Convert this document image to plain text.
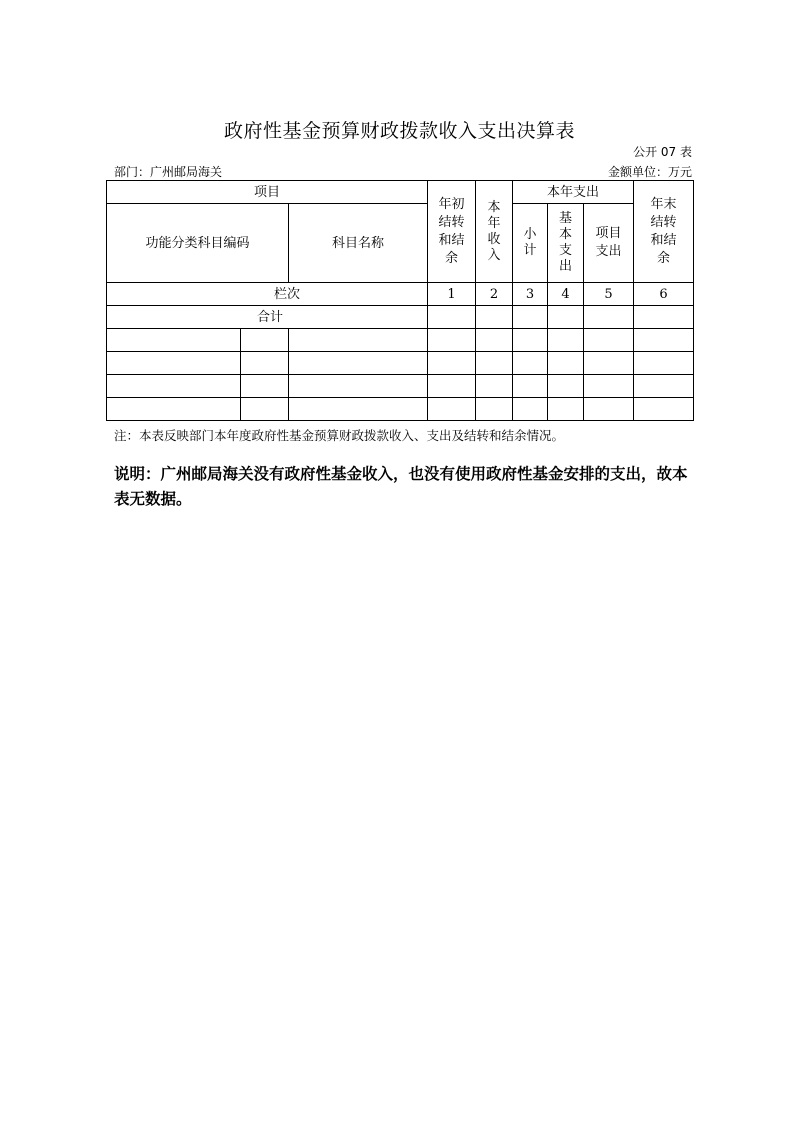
政府性基金预算财政拨款收入支出决算表
公开 07 表
部门：广州邮局海关	金额单位：万元
项目			年初结转和结余	本年收入	本年支出			年末结转和结余
功能分类科目编码		科目名称			小计	基本支出	项目支出	
栏次			1	2	3	4	5	6
合计								

注：本表反映部门本年度政府性基金预算财政拨款收入、支出及结转和结余情况。
说明：广州邮局海关没有政府性基金收入，也没有使用政府性基金安排的支出，故本表无数据。
